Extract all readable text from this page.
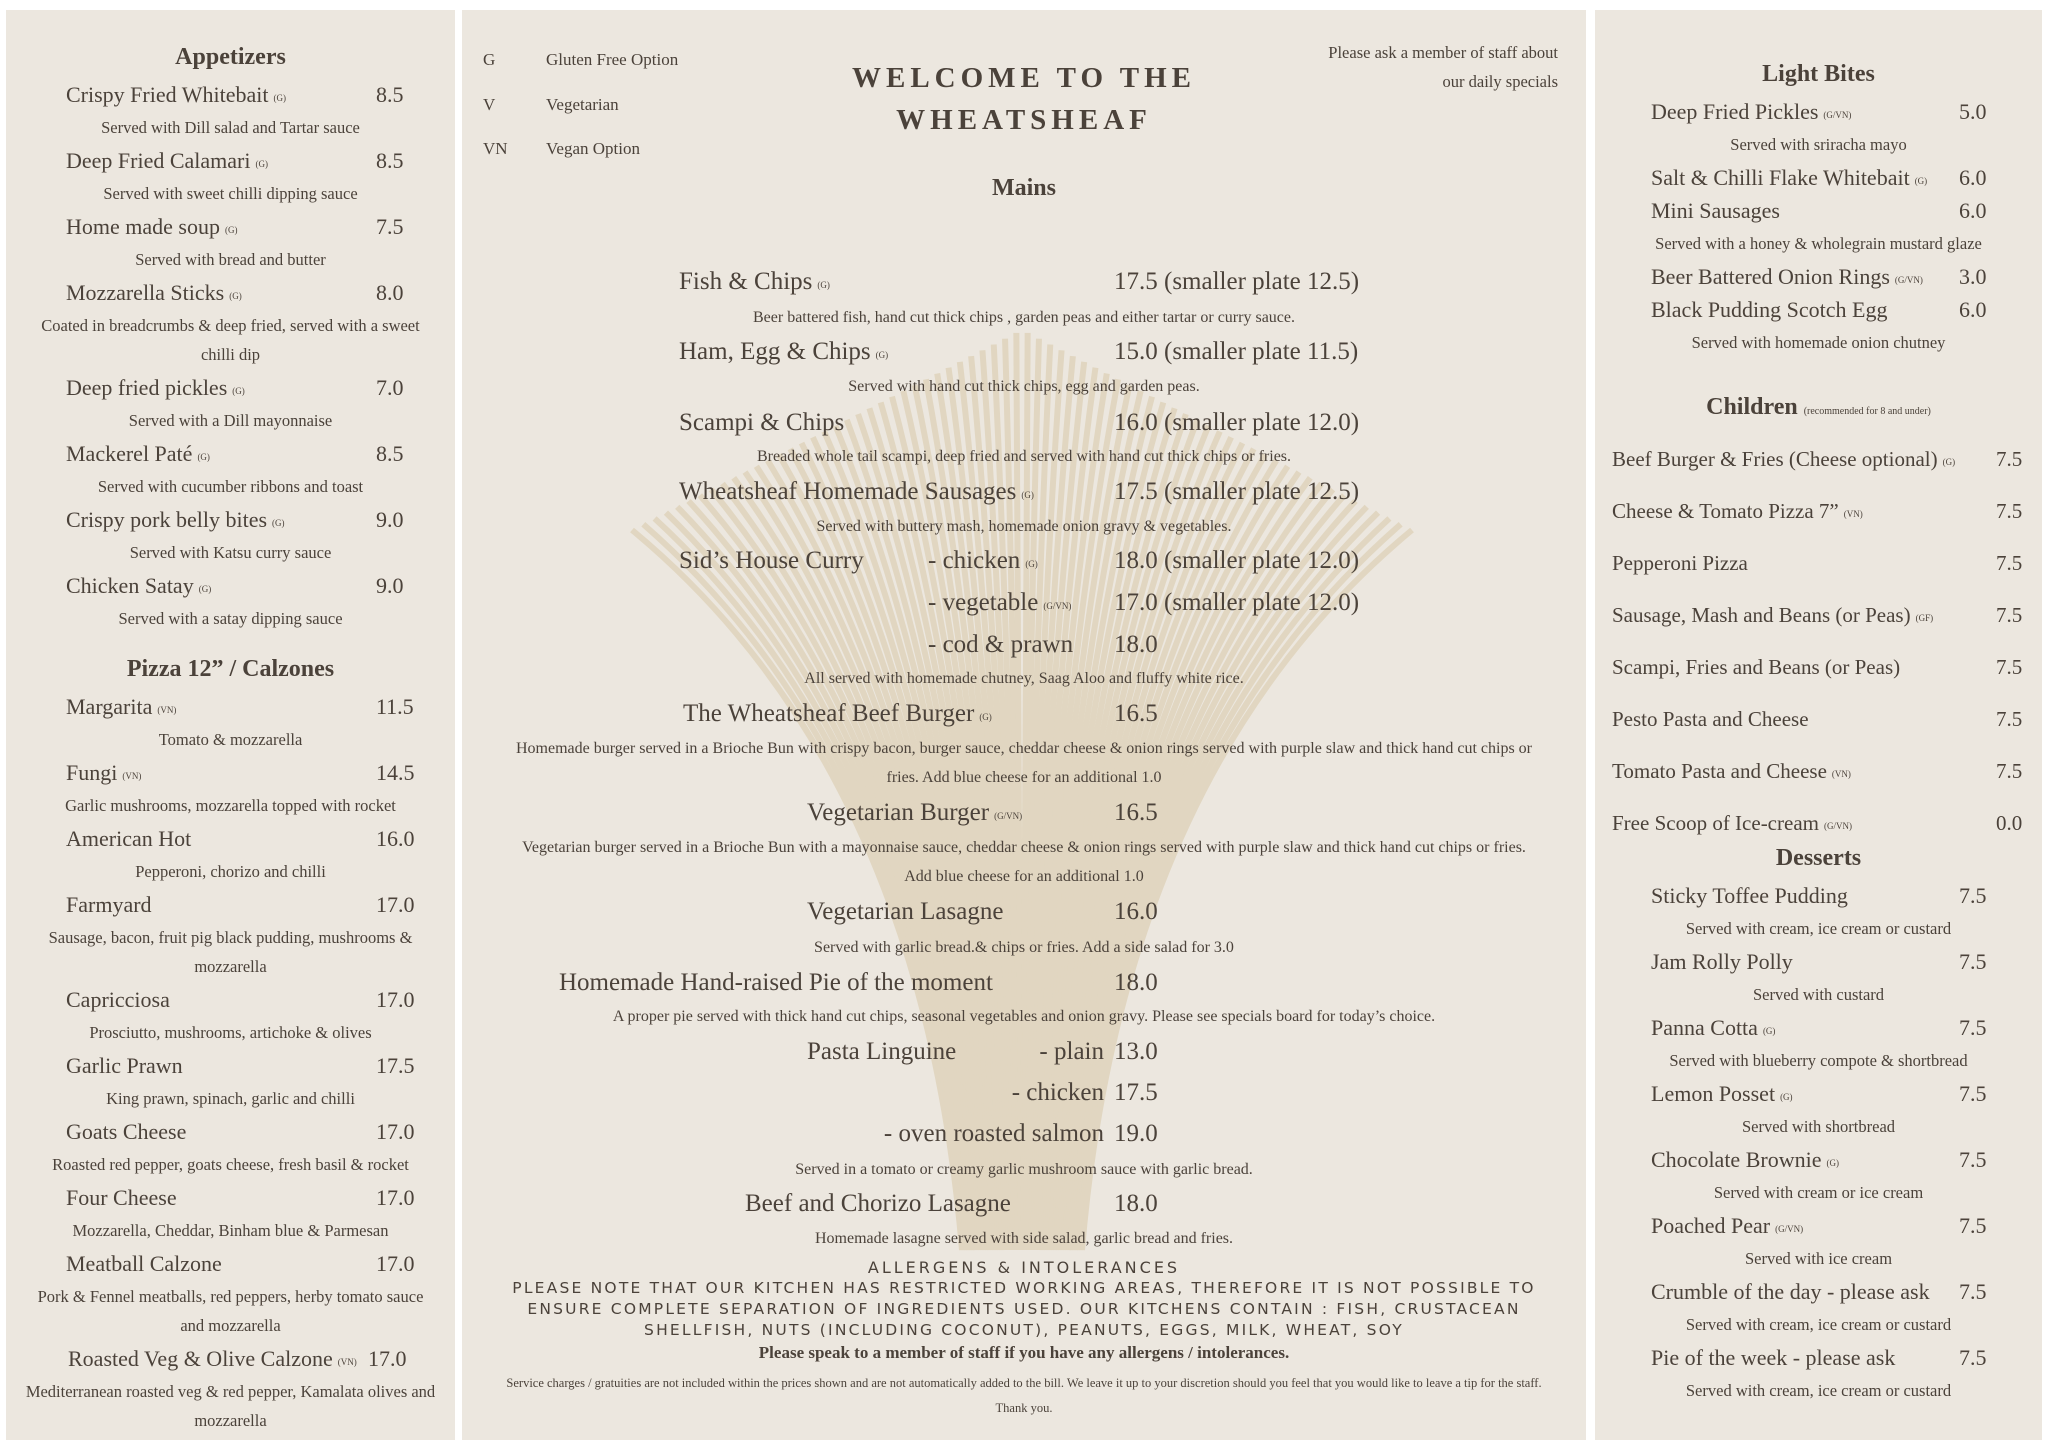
Appetizers
Crispy Fried Whitebait (G)	8.5
Served with Dill salad and Tartar sauce
Deep Fried Calamari (G)	8.5
Served with sweet chilli dipping sauce
Home made soup (G)	7.5
Served with bread and butter
Mozzarella Sticks (G)	8.0
Coated in breadcrumbs & deep fried, served with a sweet chilli dip
Deep fried pickles (G)	7.0
Served with a Dill mayonnaise
Mackerel Paté (G)	8.5
Served with cucumber ribbons and toast
Crispy pork belly bites (G)	9.0
Served with Katsu curry sauce
Chicken Satay (G)	9.0
Served with a satay dipping sauce
Pizza 12” / Calzones
Margarita (VN)	11.5
Tomato & mozzarella
Fungi (VN)	14.5
Garlic mushrooms, mozzarella topped with rocket
American Hot	16.0
Pepperoni, chorizo and chilli
Farmyard	17.0
Sausage, bacon, fruit pig black pudding, mushrooms & mozzarella
Capricciosa	17.0
Prosciutto, mushrooms, artichoke & olives
Garlic Prawn	17.5
King prawn, spinach, garlic and chilli
Goats Cheese	17.0
Roasted red pepper, goats cheese, fresh basil & rocket
Four Cheese	17.0
Mozzarella, Cheddar, Binham blue & Parmesan
Meatball Calzone	17.0
Pork & Fennel meatballs, red peppers, herby tomato sauce and mozzarella
Roasted Veg & Olive Calzone (VN) 17.0
Mediterranean roasted veg & red pepper, Kamalata olives and mozzarella
G	Gluten Free Option
V	Vegetarian
VN Vegan Option
WELCOME TO THE
WHEATSHEAF
Please ask a member of staff about
our daily specials
Mains
Fish & Chips (G)	17.5 (smaller plate 12.5)
Beer battered fish, hand cut thick chips , garden peas and either tartar or curry sauce.
Ham, Egg & Chips (G)	15.0 (smaller plate 11.5)
Served with hand cut thick chips, egg and garden peas.
Scampi & Chips	16.0 (smaller plate 12.0)
Breaded whole tail scampi, deep fried and served with hand cut thick chips or fries.
Wheatsheaf Homemade Sausages (G)	17.5 (smaller plate 12.5)
Served with buttery mash, homemade onion gravy & vegetables.
Sid’s House Curry	- chicken (G)	18.0 (smaller plate 12.0)
- vegetable (G/VN) 17.0 (smaller plate 12.0)
- cod & prawn 18.0
All served with homemade chutney, Saag Aloo and fluffy white rice.
The Wheatsheaf Beef Burger (G)	16.5
Homemade burger served in a Brioche Bun with crispy bacon, burger sauce, cheddar cheese & onion rings served with purple slaw and thick hand cut chips or fries. Add blue cheese for an additional 1.0
Vegetarian Burger (G/VN)	16.5
Vegetarian burger served in a Brioche Bun with a mayonnaise sauce, cheddar cheese & onion rings served with purple slaw and thick hand cut chips or fries. Add blue cheese for an additional 1.0
Vegetarian Lasagne	16.0
Served with garlic bread.& chips or fries. Add a side salad for 3.0
Homemade Hand-raised Pie of the moment	18.0
A proper pie served with thick hand cut chips, seasonal vegetables and onion gravy. Please see specials board for today’s choice.
Pasta Linguine	- plain 13.0
- chicken 17.5
- oven roasted salmon 19.0
Served in a tomato or creamy garlic mushroom sauce with garlic bread.
Beef and Chorizo Lasagne	18.0
Homemade lasagne served with side salad, garlic bread and fries.
ALLERGENS & INTOLERANCES
PLEASE NOTE THAT OUR KITCHEN HAS RESTRICTED WORKING AREAS, THEREFORE IT IS NOT POSSIBLE TO
ENSURE COMPLETE SEPARATION OF INGREDIENTS USED. OUR KITCHENS CONTAIN : FISH, CRUSTACEAN
SHELLFISH, NUTS (INCLUDING COCONUT), PEANUTS, EGGS, MILK, WHEAT, SOY
Please speak to a member of staff if you have any allergens / intolerances.
Service charges / gratuities are not included within the prices shown and are not automatically added to the bill. We leave it up to your discretion should you feel that you would like to leave a tip for the staff. Thank you.
Light Bites
Deep Fried Pickles (G/VN)	5.0
Served with sriracha mayo
Salt & Chilli Flake Whitebait (G) 6.0
Mini Sausages	6.0
Served with a honey & wholegrain mustard glaze
Beer Battered Onion Rings (G/VN) 3.0
Black Pudding Scotch Egg	6.0
Served with homemade onion chutney
Children (recommended for 8 and under)
Beef Burger & Fries (Cheese optional) (G) 7.5
Cheese & Tomato Pizza 7” (VN)	7.5
Pepperoni Pizza	7.5
Sausage, Mash and Beans (or Peas) (GF)	7.5
Scampi, Fries and Beans (or Peas)	7.5
Pesto Pasta and Cheese	7.5
Tomato Pasta and Cheese (VN)	7.5
Free Scoop of Ice-cream (G/VN)	0.0
Desserts
Sticky Toffee Pudding	7.5
Served with cream, ice cream or custard
Jam Rolly Polly	7.5
Served with custard
Panna Cotta (G)	7.5
Served with blueberry compote & shortbread
Lemon Posset (G)	7.5
Served with shortbread
Chocolate Brownie (G)	7.5
Served with cream or ice cream
Poached Pear (G/VN)	7.5
Served with ice cream
Crumble of the day - please ask 7.5
Served with cream, ice cream or custard
Pie of the week - please ask	7.5
Served with cream, ice cream or custard
